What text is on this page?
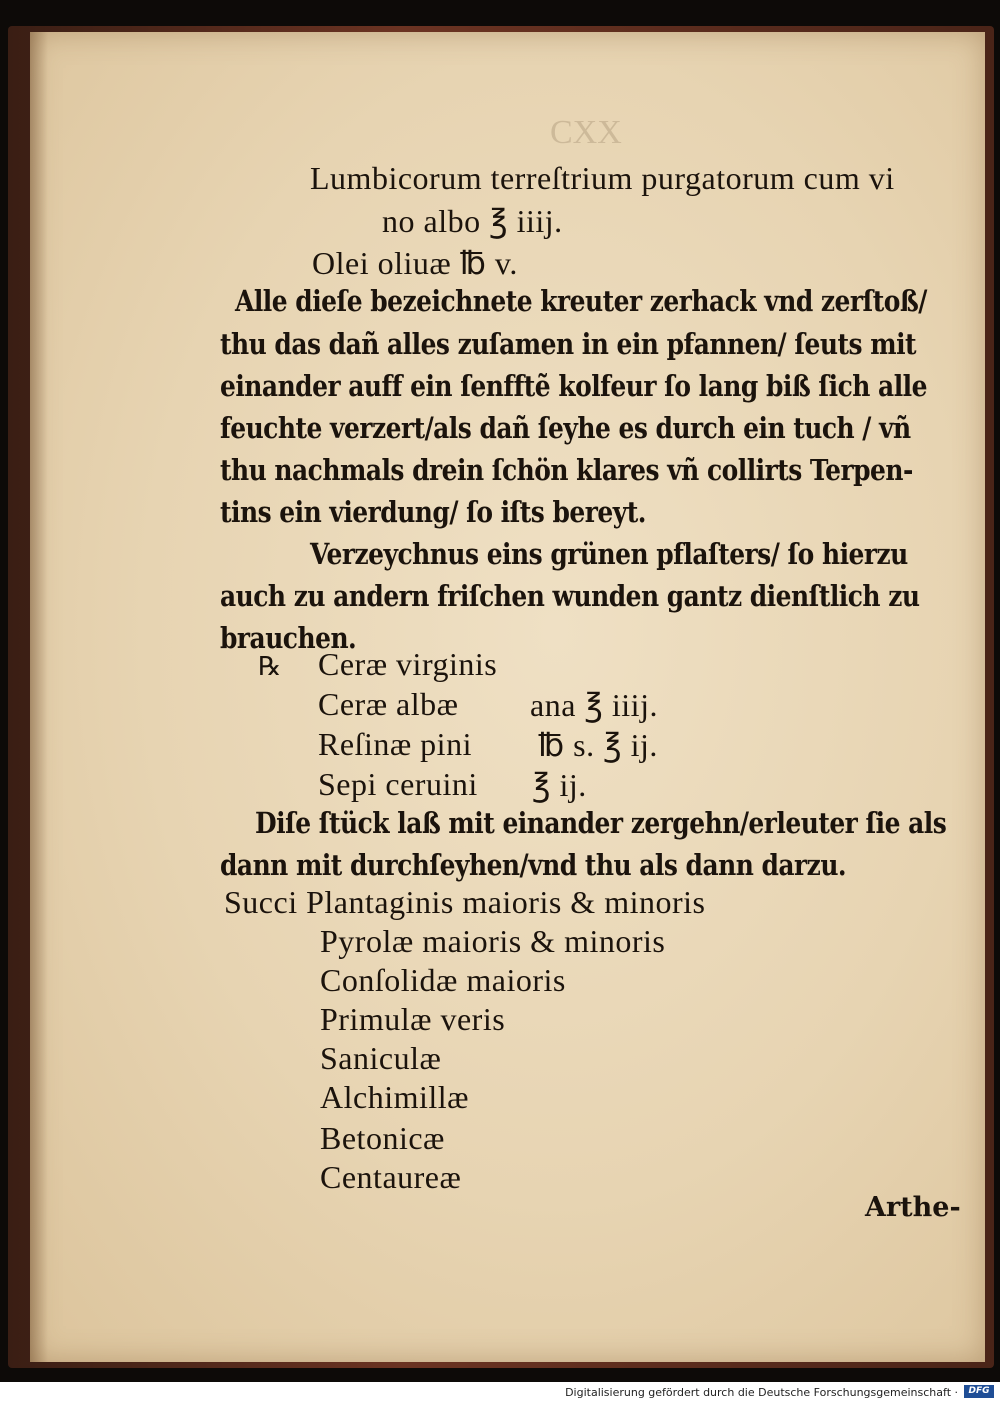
CXX
Lumbicorum terreſtrium purgatorum cum vi
no albo ℥ iiij.
Olei oliuæ ℔ v.
Alle dieſe bezeichnete kreuter zerhack vnd zerſtoß/
thu das dañ alles zuſamen in ein pfannen/ ſeuts mit
einander auff ein ſenfftẽ kolfeur ſo lang biß ſich alle
feuchte verzert/als dañ ſeyhe es durch ein tuch / vñ
thu nachmals drein ſchön klares vñ collirts Terpen‑
tins ein vierdung/ ſo iſts bereyt.
Verzeychnus eins grünen pflaſters/ ſo hierzu
auch zu andern friſchen wunden gantz dienſtlich zu
brauchen.
℞ Ceræ virginis
Ceræ albæ ana ℥ iiij.
Reſinæ pini ℔ s. ℥ ij.
Sepi ceruini ℥ ij.
Diſe ſtück laß mit einander zergehn/erleuter ſie als
dann mit durchſeyhen/vnd thu als dann darzu.
Succi Plantaginis maioris & minoris
Pyrolæ maioris & minoris
Conſolidæ maioris
Primulæ veris
Saniculæ
Alchimillæ
Betonicæ
Centaureæ
Arthe‑
Digitalisierung gefördert durch die Deutsche Forschungsgemeinschaft ·	DFG
